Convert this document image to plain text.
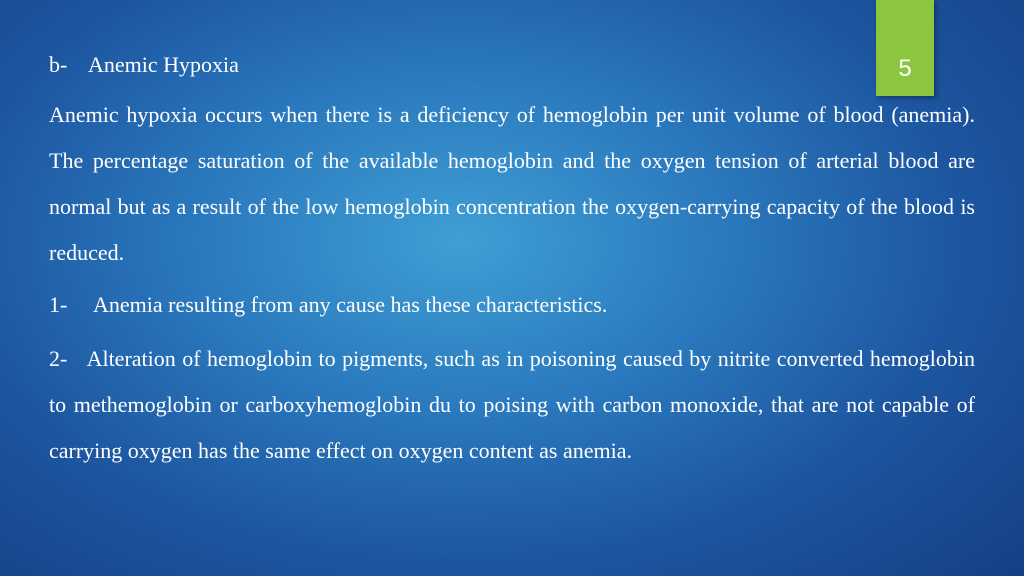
5
b- Anemic Hypoxia

Anemic hypoxia occurs when there is a deficiency of hemoglobin per unit volume of blood (anemia). The percentage saturation of the available hemoglobin and the oxygen tension of arterial blood are normal but as a result of the low hemoglobin concentration the oxygen-carrying capacity of the blood is reduced.

1- Anemia resulting from any cause has these characteristics.
2- Alteration of hemoglobin to pigments, such as in poisoning caused by nitrite converted hemoglobin to methemoglobin or carboxyhemoglobin du to poising with carbon monoxide, that are not capable of carrying oxygen has the same effect on oxygen content as anemia.
